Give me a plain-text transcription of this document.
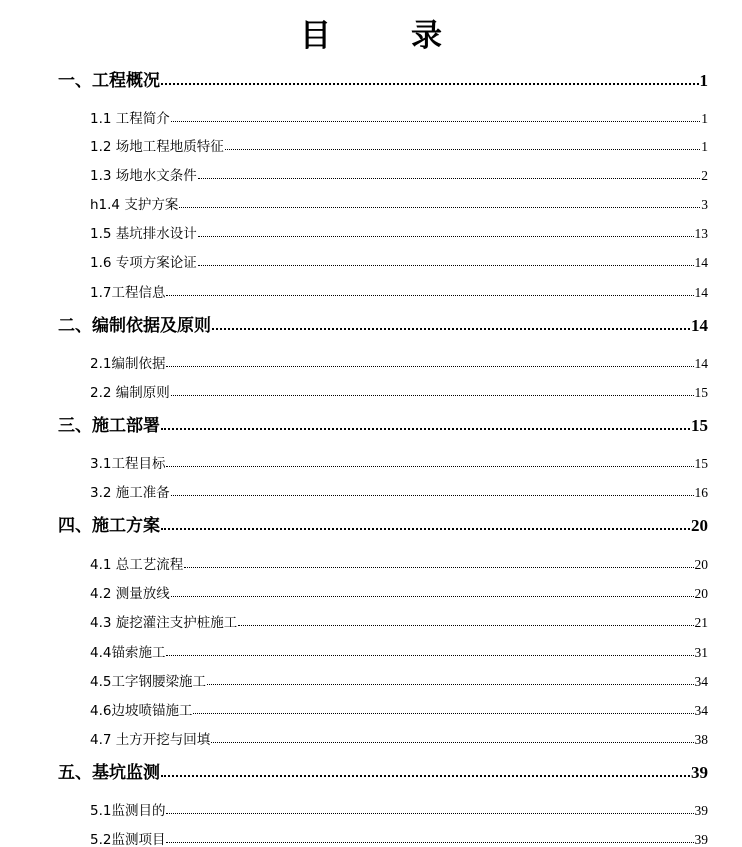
目	录
一、工程概况	1
1.1 工程简介	1
1.2 场地工程地质特征	1
1.3 场地水文条件	2
h1.4 支护方案	3
1.5 基坑排水设计	13
1.6 专项方案论证	14
1.7工程信息	14
二、编制依据及原则	14
2.1编制依据	14
2.2 编制原则	15
三、施工部署	15
3.1工程目标	15
3.2 施工准备	16
四、施工方案	20
4.1 总工艺流程	20
4.2 测量放线	20
4.3 旋挖灌注支护桩施工	21
4.4锚索施工	31
4.5工字钢腰梁施工	34
4.6边坡喷锚施工	34
4.7 土方开挖与回填	38
五、基坑监测	39
5.1监测目的	39
5.2监测项目	39
